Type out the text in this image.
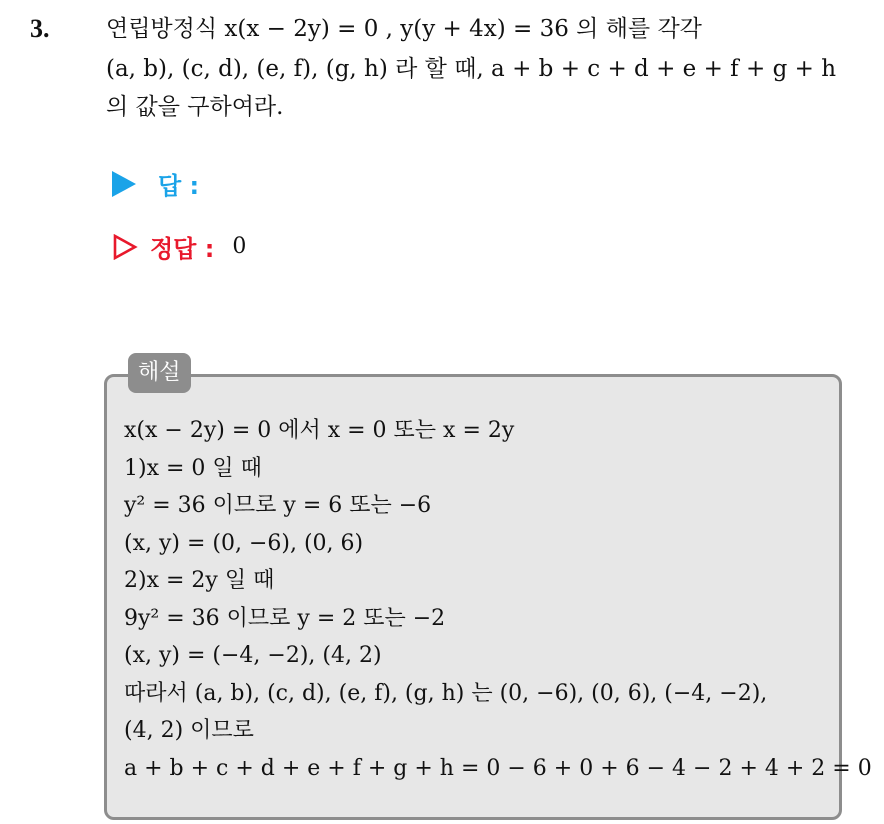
3. 연립방정식 x(x − 2y) = 0 , y(y + 4x) = 36 의 해를 각각
(a, b), (c, d), (e, f), (g, h) 라 할 때, a + b + c + d + e + f + g + h
의 값을 구하여라.
답 :
정답 : 0
해설
x(x − 2y) = 0 에서 x = 0 또는 x = 2y
1)x = 0 일 때
y² = 36 이므로 y = 6 또는 −6
(x, y) = (0, −6), (0, 6)
2)x = 2y 일 때
9y² = 36 이므로 y = 2 또는 −2
(x, y) = (−4, −2), (4, 2)
따라서 (a, b), (c, d), (e, f), (g, h) 는 (0, −6), (0, 6), (−4, −2),
(4, 2) 이므로
a + b + c + d + e + f + g + h = 0 − 6 + 0 + 6 − 4 − 2 + 4 + 2 = 0
